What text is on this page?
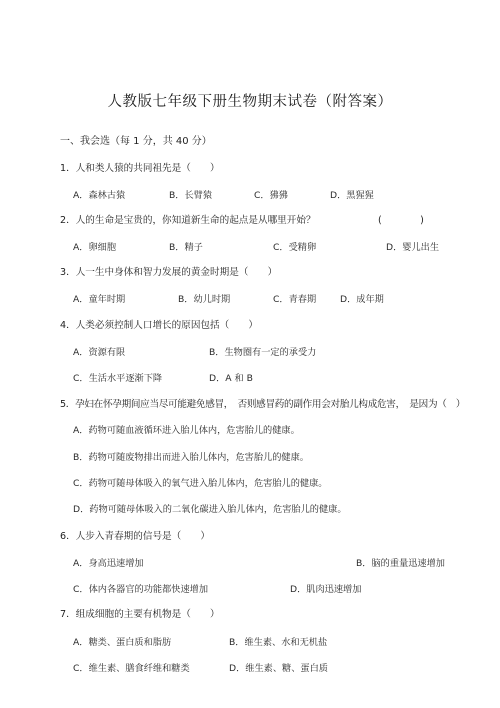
人教版七年级下册生物期末试卷（附答案）
一、我会选（每 1 分，共 40 分）
1．人和类人猿的共同祖先是（　　）
A．森林古猿	B．长臂猿	C．狒狒	D．黑猩猩
2．人的生命是宝贵的，你知道新生命的起点是从哪里开始？	(　　　　)
A．卵细胞	B．精子	C．受精卵	D．婴儿出生
3．人一生中身体和智力发展的黄金时期是（　　）
A．童年时期	B．幼儿时期	C．青春期	D．成年期
4．人类必须控制人口增长的原因包括（　　）
A．资源有限	B．生物圈有一定的承受力
C．生活水平逐渐下降	D．A 和 B
5．孕妇在怀孕期间应当尽可能避免感冒，　否则感冒药的副作用会对胎儿构成危害，　是因为（　）
A．药物可随血液循环进入胎儿体内，危害胎儿的健康。
B．药物可随废物排出而进入胎儿体内，危害胎儿的健康。
C．药物可随母体吸入的氧气进入胎儿体内，危害胎儿的健康。
D．药物可随母体吸入的二氧化碳进入胎儿体内，危害胎儿的健康。
6．人步入青春期的信号是（　　）
A．身高迅速增加	B．脑的重量迅速增加
C．体内各器官的功能都快速增加	D．肌肉迅速增加
7．组成细胞的主要有机物是（　　）
A．糖类、蛋白质和脂肪	B．维生素、水和无机盐
C．维生素、膳食纤维和糖类	D．维生素、糖、蛋白质
